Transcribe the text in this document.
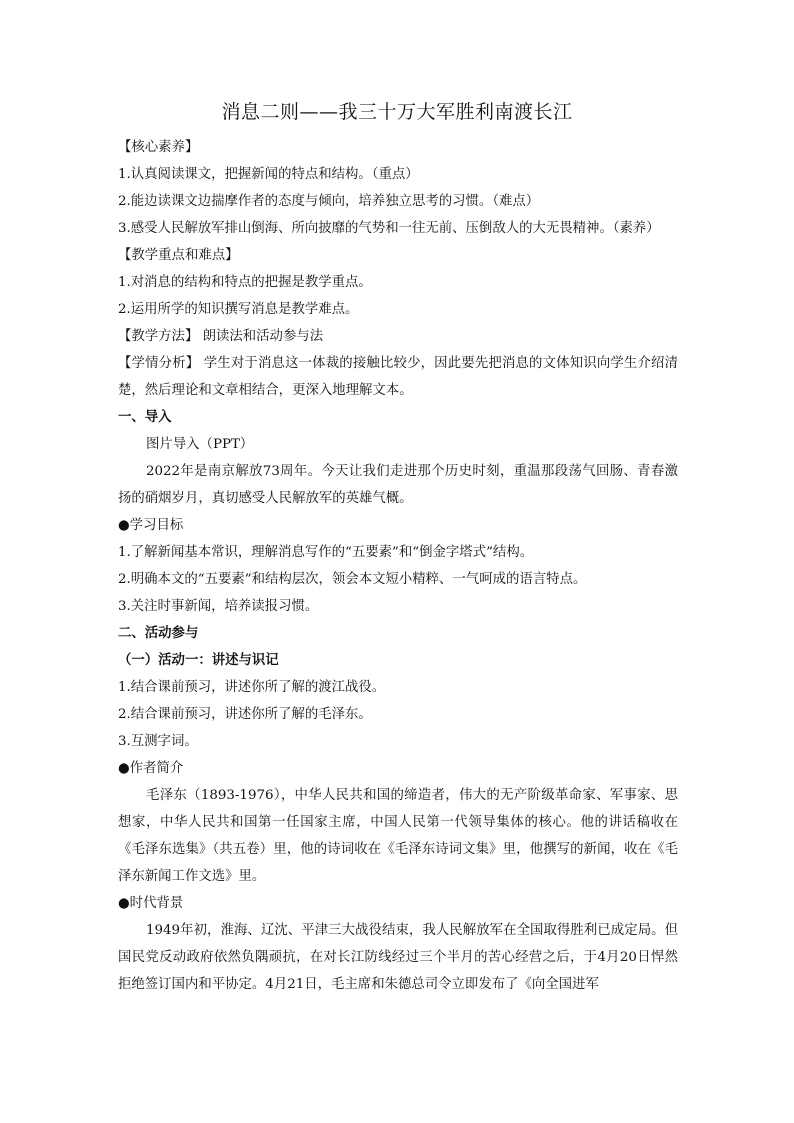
消息二则——我三十万大军胜利南渡长江
【核心素养】
1.认真阅读课文，把握新闻的特点和结构。（重点）
2.能边读课文边揣摩作者的态度与倾向，培养独立思考的习惯。（难点）
3.感受人民解放军排山倒海、所向披靡的气势和一往无前、压倒敌人的大无畏精神。（素养）
【教学重点和难点】
1.对消息的结构和特点的把握是教学重点。
2.运用所学的知识撰写消息是教学难点。
【教学方法】 朗读法和活动参与法
【学情分析】 学生对于消息这一体裁的接触比较少，因此要先把消息的文体知识向学生介绍清楚，然后理论和文章相结合，更深入地理解文本。
一、导入
图片导入（PPT）

2022年是南京解放73周年。今天让我们走进那个历史时刻，重温那段荡气回肠、青春激扬的硝烟岁月，真切感受人民解放军的英雄气概。

●学习目标
1.了解新闻基本常识，理解消息写作的“五要素”和“倒金字塔式”结构。
2.明确本文的“五要素”和结构层次，领会本文短小精粹、一气呵成的语言特点。
3.关注时事新闻，培养读报习惯。
二、活动参与
（一）活动一：讲述与识记
1.结合课前预习，讲述你所了解的渡江战役。
2.结合课前预习，讲述你所了解的毛泽东。
3.互测字词。
●作者简介

毛泽东（1893-1976），中华人民共和国的缔造者，伟大的无产阶级革命家、军事家、思想家，中华人民共和国第一任国家主席，中国人民第一代领导集体的核心。他的讲话稿收在《毛泽东选集》（共五卷）里，他的诗词收在《毛泽东诗词文集》里，他撰写的新闻，收在《毛泽东新闻工作文选》里。

●时代背景

1949年初，淮海、辽沈、平津三大战役结束，我人民解放军在全国取得胜利已成定局。但国民党反动政府依然负隅顽抗，在对长江防线经过三个半月的苦心经营之后，于4月20日悍然拒绝签订国内和平协定。4月21日，毛主席和朱德总司令立即发布了《向全国进军
